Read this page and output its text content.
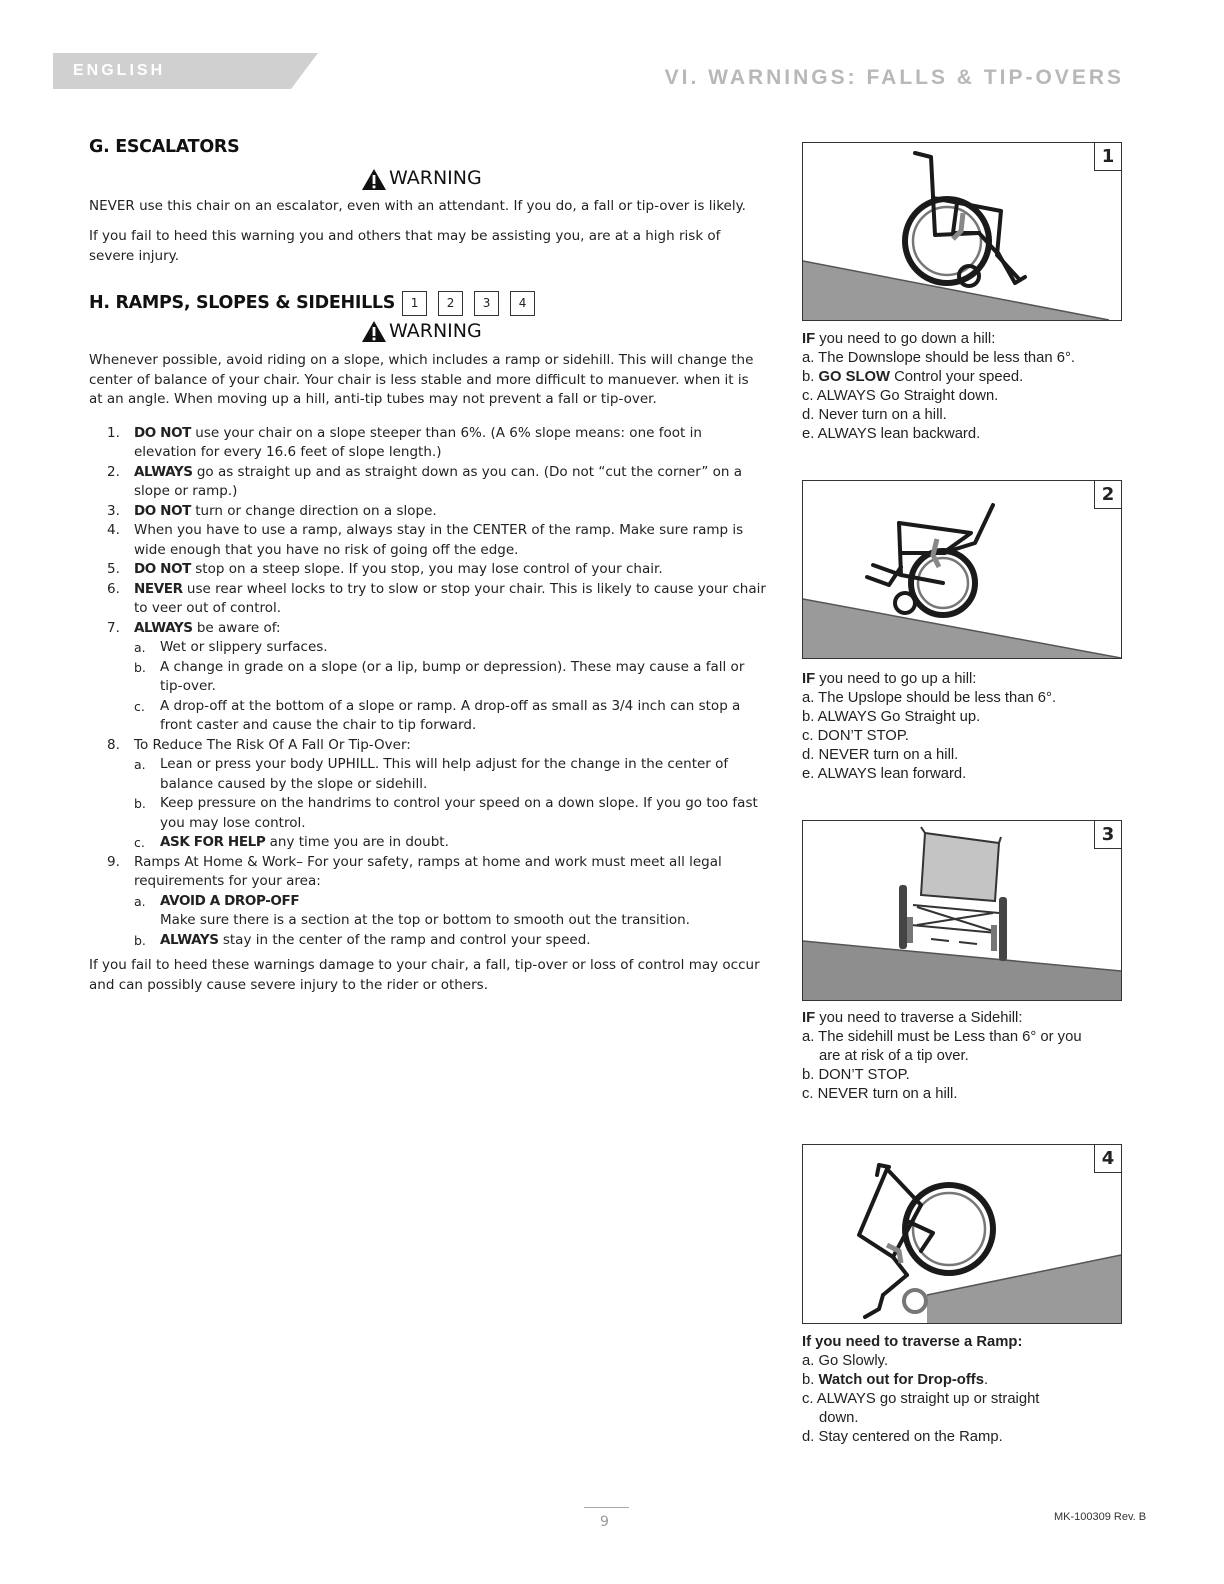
ENGLISH	VI. WARNINGS: FALLS & TIP-OVERS
G. ESCALATORS
WARNING

NEVER use this chair on an escalator, even with an attendant. If you do, a fall or tip-over is likely.

If you fail to heed this warning you and others that may be assisting you, are at a high risk of severe injury.

H. RAMPS, SLOPES & SIDEHILLS	1	2	3	4
WARNING

Whenever possible, avoid riding on a slope, which includes a ramp or sidehill. This will change the center of balance of your chair. Your chair is less stable and more difficult to manuever. when it is at an angle. When moving up a hill, anti-tip tubes may not prevent a fall or tip-over.

1. DO NOT use your chair on a slope steeper than 6%. (A 6% slope means: one foot in elevation for every 16.6 feet of slope length.)
2. ALWAYS go as straight up and as straight down as you can. (Do not “cut the corner” on a slope or ramp.)
3. DO NOT turn or change direction on a slope.
4. When you have to use a ramp, always stay in the CENTER of the ramp. Make sure ramp is wide enough that you have no risk of going off the edge.
5. DO NOT stop on a steep slope. If you stop, you may lose control of your chair.
6. NEVER use rear wheel locks to try to slow or stop your chair. This is likely to cause your chair to veer out of control.
7. ALWAYS be aware of:
a. Wet or slippery surfaces.
b. A change in grade on a slope (or a lip, bump or depression). These may cause a fall or tip-over.
c. A drop-off at the bottom of a slope or ramp. A drop-off as small as 3/4 inch can stop a front caster and cause the chair to tip forward.
8. To Reduce The Risk Of A Fall Or Tip-Over:
a. Lean or press your body UPHILL. This will help adjust for the change in the center of balance caused by the slope or sidehill.
b. Keep pressure on the handrims to control your speed on a down slope. If you go too fast you may lose control.
c. ASK FOR HELP any time you are in doubt.
9. Ramps At Home & Work– For your safety, ramps at home and work must meet all legal requirements for your area:
a. AVOID A DROP-OFF
Make sure there is a section at the top or bottom to smooth out the transition.
b. ALWAYS stay in the center of the ramp and control your speed.

If you fail to heed these warnings damage to your chair, a fall, tip-over or loss of control may occur and can possibly cause severe injury to the rider or others.

1
IF you need to go down a hill:
a. The Downslope should be less than 6°.
b. GO SLOW Control your speed.
c. ALWAYS Go Straight down.
d. Never turn on a hill.
e. ALWAYS lean backward.
2
IF you need to go up a hill:
a. The Upslope should be less than 6°.
b. ALWAYS Go Straight up.
c. DON’T STOP.
d. NEVER turn on a hill.
e. ALWAYS lean forward.
3
IF you need to traverse a Sidehill:
a. The sidehill must be Less than 6° or you
are at risk of a tip over.
b. DON’T STOP.
c. NEVER turn on a hill.
4
If you need to traverse a Ramp:
a. Go Slowly.
b. Watch out for Drop-offs.
c. ALWAYS go straight up or straight
down.
d. Stay centered on the Ramp.
9	MK-100309 Rev. B
